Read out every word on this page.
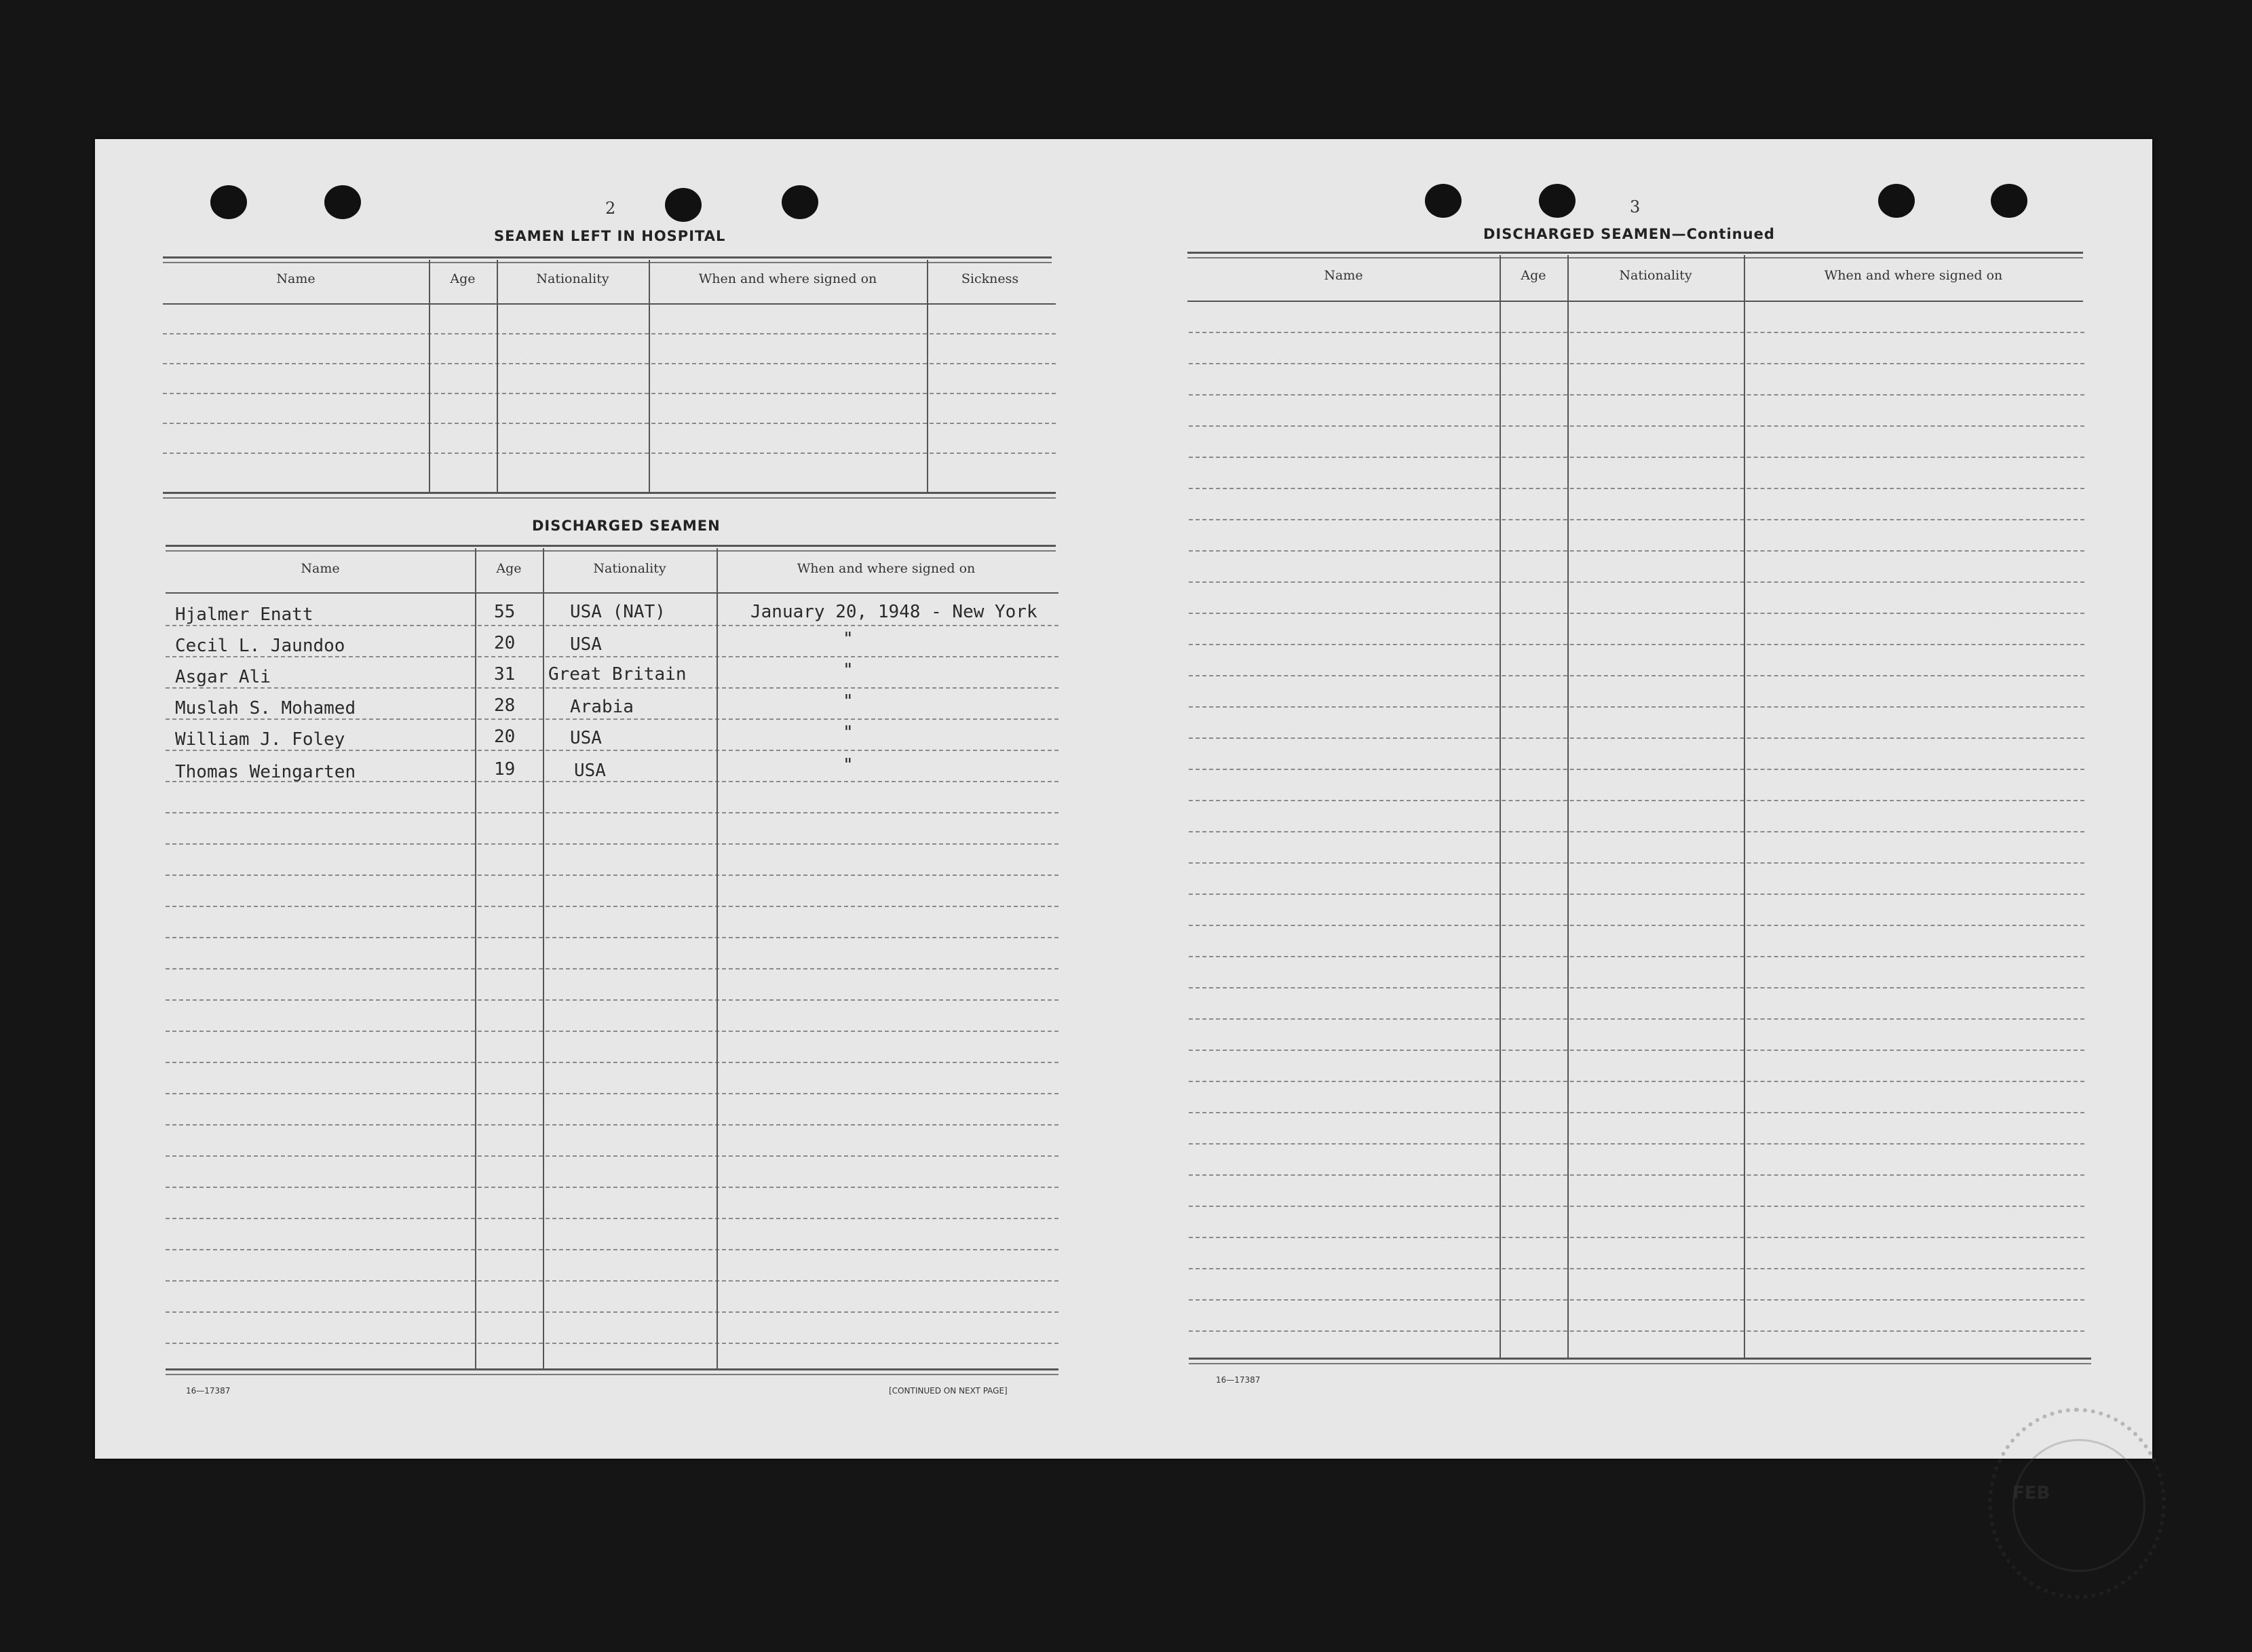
2
SEAMEN LEFT IN HOSPITAL
Name	Age	Nationality	When and where signed on	Sickness
DISCHARGED SEAMEN
Name	Age	Nationality	When and where signed on
Hjalmer Enatt	55	USA (NAT)	January 20, 1948 - New York
Cecil L. Jaundoo	20	USA	"
Asgar Ali	31 Great Britain	"
Muslah S. Mohamed	28	Arabia	"
William J. Foley	20	USA	"
Thomas Weingarten	19	USA	"
16—17387	[CONTINUED ON NEXT PAGE]
3
DISCHARGED SEAMEN—Continued
Name	Age	Nationality	When and where signed on
16—17387
FEB
